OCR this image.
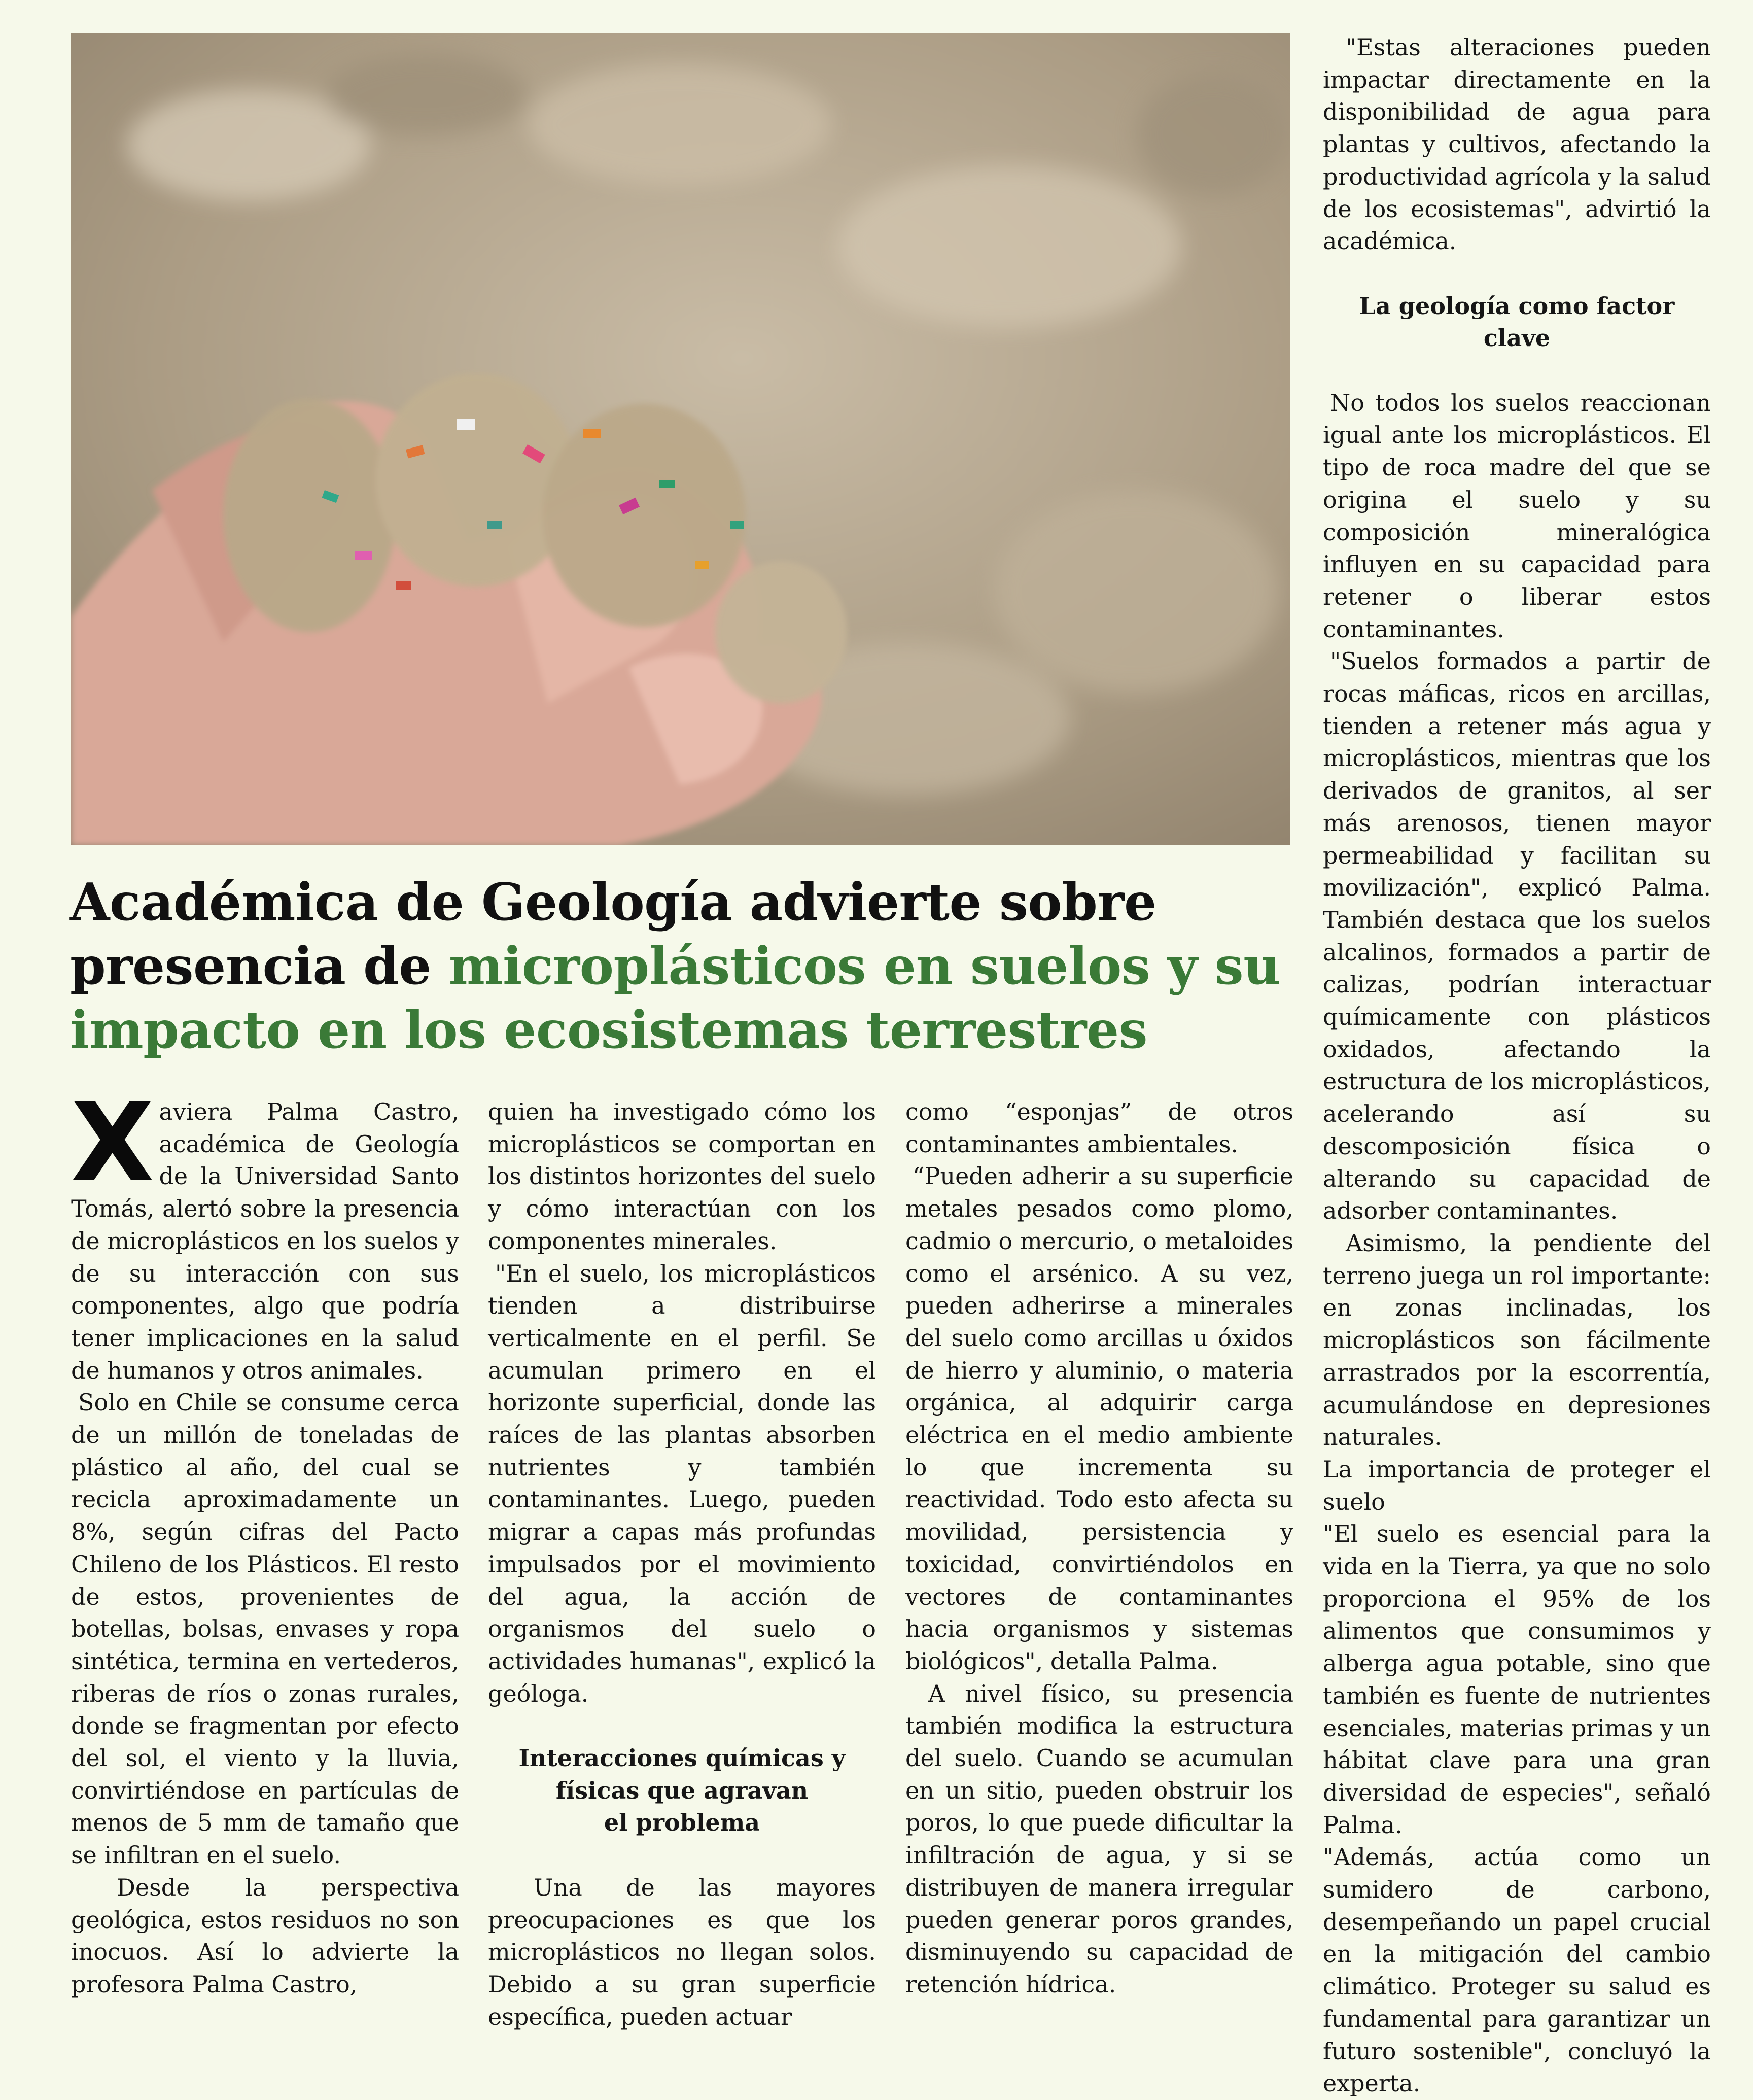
Académica de Geología advierte sobre presencia de microplásticos en suelos y su impacto en los ecosistemas terrestres

Xaviera Palma Castro, académica de Geología de la Universidad Santo Tomás, alertó sobre la presencia de microplásticos en los suelos y de su interacción con sus componentes, algo que podría tener implicaciones en la salud de humanos y otros animales.

Solo en Chile se consume cerca de un millón de toneladas de plástico al año, del cual se recicla aproximadamente un 8%, según cifras del Pacto Chileno de los Plásticos. El resto de estos, provenientes de botellas, bolsas, envases y ropa sintética, termina en vertederos, riberas de ríos o zonas rurales, donde se fragmentan por efecto del sol, el viento y la lluvia, convirtiéndose en partículas de menos de 5 mm de tamaño que se infiltran en el suelo.

Desde la perspectiva geológica, estos residuos no son inocuos. Así lo advierte la profesora Palma Castro,

quien ha investigado cómo los microplásticos se comportan en los distintos horizontes del suelo y cómo interactúan con los componentes minerales.

"En el suelo, los microplásticos tienden a distribuirse verticalmente en el perfil. Se acumulan primero en el horizonte superficial, donde las raíces de las plantas absorben nutrientes y también contaminantes. Luego, pueden migrar a capas más profundas impulsados por el movimiento del agua, la acción de organismos del suelo o actividades humanas", explicó la geóloga.

Interacciones químicas y

físicas que agravan

el problema

Una de las mayores preocupaciones es que los microplásticos no llegan solos. Debido a su gran superficie específica, pueden actuar

como “esponjas” de otros contaminantes ambientales.

“Pueden adherir a su superficie metales pesados como plomo, cadmio o mercurio, o metaloides como el arsénico. A su vez, pueden adherirse a minerales del suelo como arcillas u óxidos de hierro y aluminio, o materia orgánica, al adquirir carga eléctrica en el medio ambiente lo que incrementa su reactividad. Todo esto afecta su movilidad, persistencia y toxicidad, convirtiéndolos en vectores de contaminantes hacia organismos y sistemas biológicos", detalla Palma.

A nivel físico, su presencia también modifica la estructura del suelo. Cuando se acumulan en un sitio, pueden obstruir los poros, lo que puede dificultar la infiltración de agua, y si se distribuyen de manera irregular pueden generar poros grandes, disminuyendo su capacidad de retención hídrica.

"Estas alteraciones pueden impactar directamente en la disponibilidad de agua para plantas y cultivos, afectando la productividad agrícola y la salud de los ecosistemas", advirtió la académica.

La geología como factor clave

No todos los suelos reaccionan igual ante los microplásticos. El tipo de roca madre del que se origina el suelo y su composición mineralógica influyen en su capacidad para retener o liberar estos contaminantes.

"Suelos formados a partir de rocas máficas, ricos en arcillas, tienden a retener más agua y microplásticos, mientras que los derivados de granitos, al ser más arenosos, tienen mayor permeabilidad y facilitan su movilización", explicó Palma. También destaca que los suelos alcalinos, formados a partir de calizas, podrían interactuar químicamente con plásticos oxidados, afectando la estructura de los microplásticos, acelerando así su descomposición física o alterando su capacidad de adsorber contaminantes.

Asimismo, la pendiente del terreno juega un rol importante: en zonas inclinadas, los microplásticos son fácilmente arrastrados por la escorrentía, acumulándose en depresiones naturales.

La importancia de proteger el suelo

"El suelo es esencial para la vida en la Tierra, ya que no solo proporciona el 95% de los alimentos que consumimos y alberga agua potable, sino que también es fuente de nutrientes esenciales, materias primas y un hábitat clave para una gran diversidad de especies", señaló Palma.

"Además, actúa como un sumidero de carbono, desempeñando un papel crucial en la mitigación del cambio climático. Proteger su salud es fundamental para garantizar un futuro sostenible", concluyó la experta.
